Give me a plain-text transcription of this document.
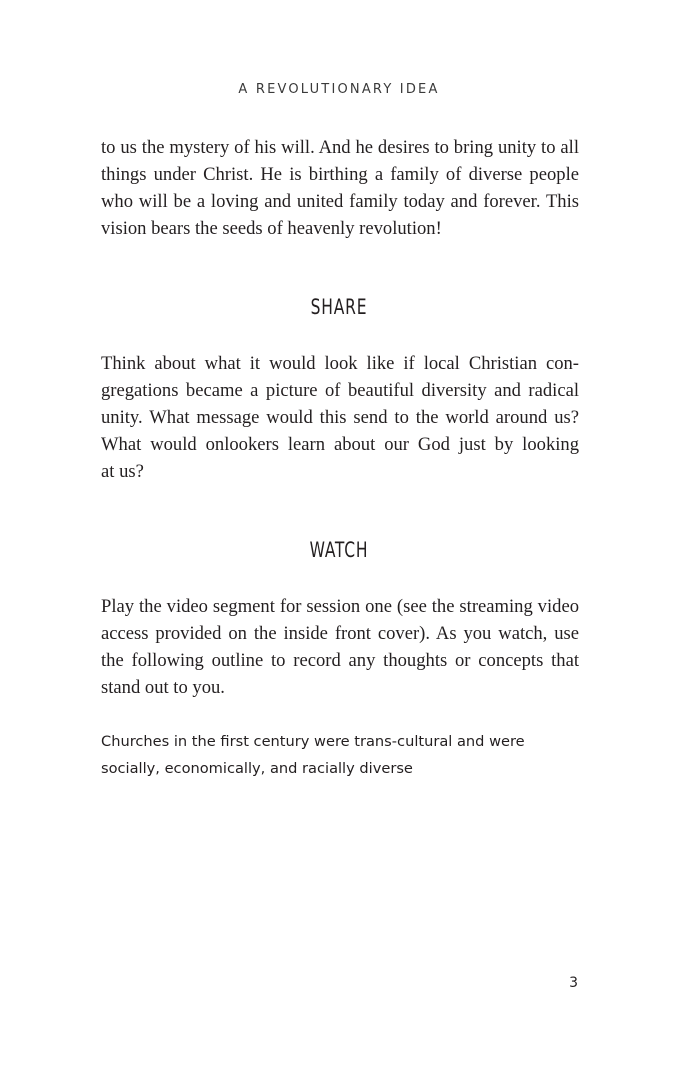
A REVOLUTIONARY IDEA

to us the mystery of his will. And he desires to bring unity to all
things under Christ. He is birthing a family of diverse people
who will be a loving and united family today and forever. This
vision bears the seeds of heavenly revolution!

SHARE

Think about what it would look like if local Christian con-
gregations became a picture of beautiful diversity and radical
unity. What message would this send to the world around us?
What would onlookers learn about our God just by looking
at us?

WATCH

Play the video segment for session one (see the streaming video
access provided on the inside front cover). As you watch, use
the following outline to record any thoughts or concepts that
stand out to you.

Churches in the first century were trans-cultural and were
socially, economically, and racially diverse
3
